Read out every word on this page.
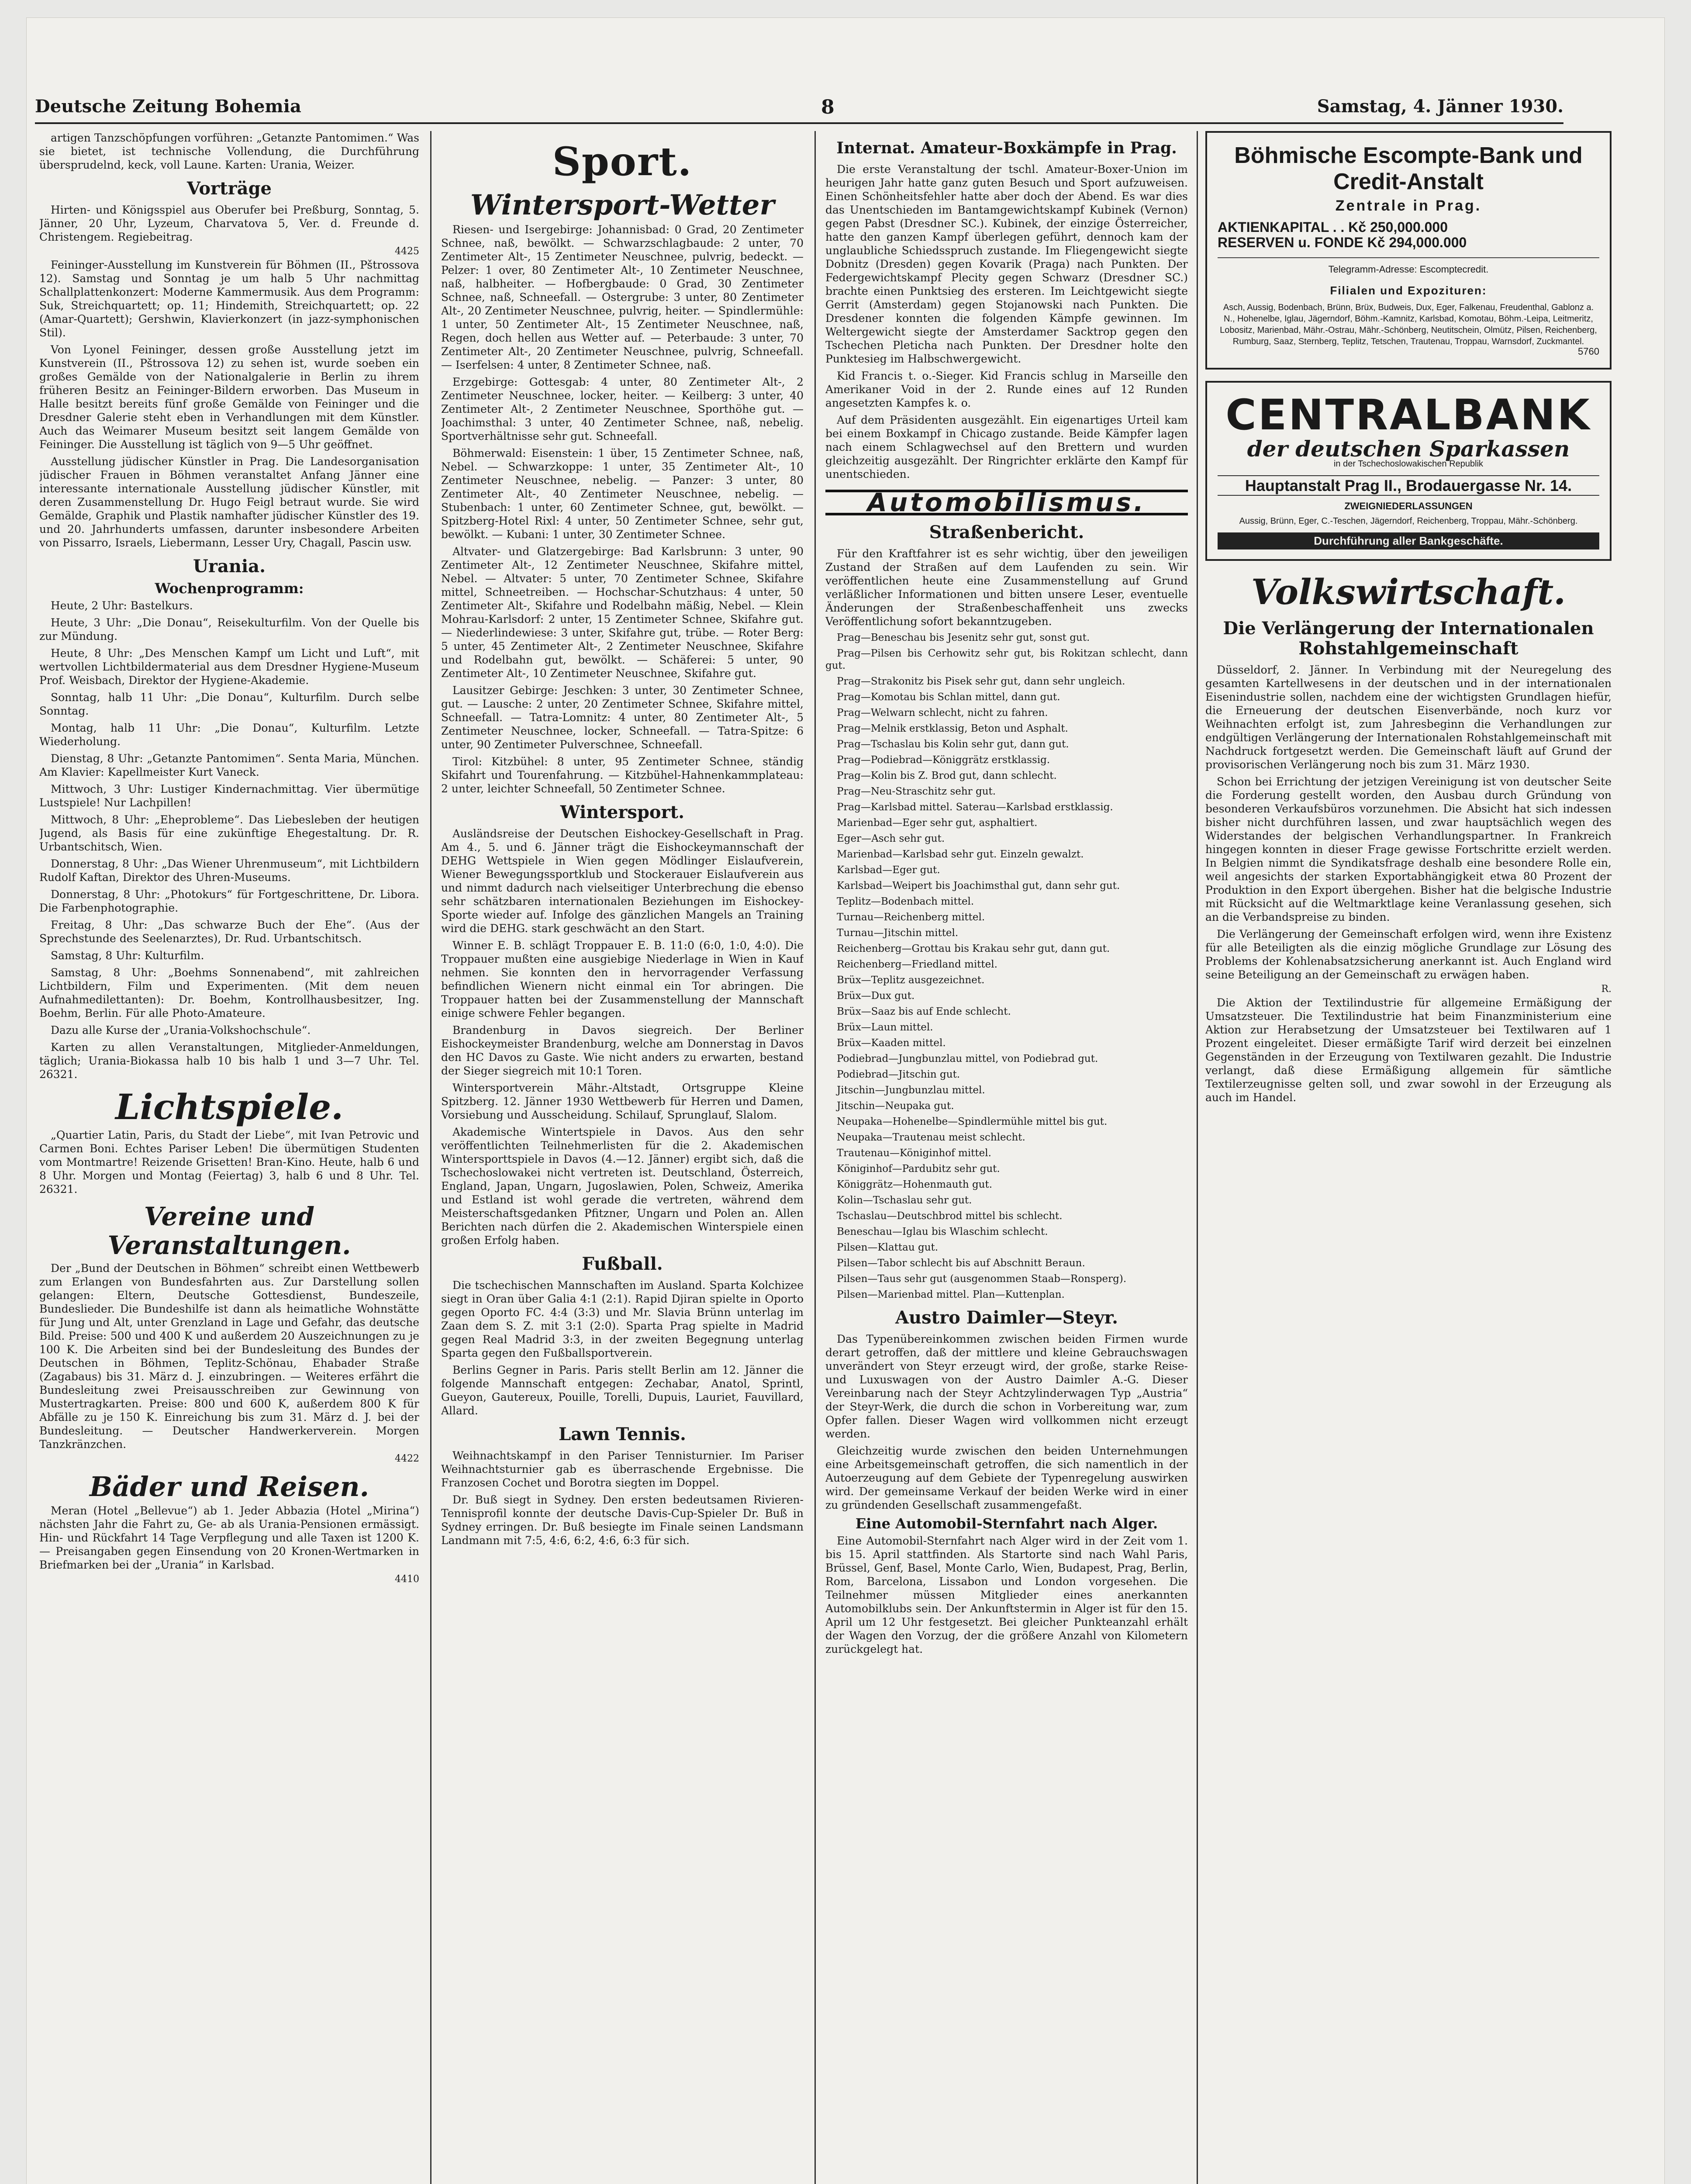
Deutsche Zeitung Bohemia	8	Samstag, 4. Jänner 1930.

artigen Tanzschöpfungen vorführen: „Getanzte Pantomimen.“ Was sie bietet, ist technische Vollendung, die Durchführung übersprudelnd, keck, voll Laune. Karten: Urania, Weizer.

Vorträge

Hirten- und Königsspiel aus Oberufer bei Preßburg, Sonntag, 5. Jänner, 20 Uhr, Lyzeum, Charvatova 5, Ver. d. Freunde d. Christengem. Regiebeitrag.

4425

Feininger-Ausstellung im Kunstverein für Böhmen (II., Pštrossova 12). Samstag und Sonntag je um halb 5 Uhr nachmittag Schallplattenkonzert: Moderne Kammermusik. Aus dem Programm: Suk, Streichquartett; op. 11; Hindemith, Streichquartett; op. 22 (Amar-Quartett); Gershwin, Klavierkonzert (in jazz-symphonischen Stil).

Von Lyonel Feininger, dessen große Ausstellung jetzt im Kunstverein (II., Pštrossova 12) zu sehen ist, wurde soeben ein großes Gemälde von der Nationalgalerie in Berlin zu ihrem früheren Besitz an Feininger-Bildern erworben. Das Museum in Halle besitzt bereits fünf große Gemälde von Feininger und die Dresdner Galerie steht eben in Verhandlungen mit dem Künstler. Auch das Weimarer Museum besitzt seit langem Gemälde von Feininger. Die Ausstellung ist täglich von 9—5 Uhr geöffnet.

Ausstellung jüdischer Künstler in Prag. Die Landesorganisation jüdischer Frauen in Böhmen veranstaltet Anfang Jänner eine interessante internationale Ausstellung jüdischer Künstler, mit deren Zusammenstellung Dr. Hugo Feigl betraut wurde. Sie wird Gemälde, Graphik und Plastik namhafter jüdischer Künstler des 19. und 20. Jahrhunderts umfassen, darunter insbesondere Arbeiten von Pissarro, Israels, Liebermann, Lesser Ury, Chagall, Pascin usw.

Urania.
Wochenprogramm:

Heute, 2 Uhr: Bastelkurs.

Heute, 3 Uhr: „Die Donau“, Reisekulturfilm. Von der Quelle bis zur Mündung.

Heute, 8 Uhr: „Des Menschen Kampf um Licht und Luft“, mit wertvollen Lichtbildermaterial aus dem Dresdner Hygiene-Museum Prof. Weisbach, Direktor der Hygiene-Akademie.

Sonntag, halb 11 Uhr: „Die Donau“, Kulturfilm. Durch selbe Sonntag.

Montag, halb 11 Uhr: „Die Donau“, Kulturfilm. Letzte Wiederholung.

Dienstag, 8 Uhr: „Getanzte Pantomimen“. Senta Maria, München. Am Klavier: Kapellmeister Kurt Vaneck.

Mittwoch, 3 Uhr: Lustiger Kindernachmittag. Vier übermütige Lustspiele! Nur Lachpillen!

Mittwoch, 8 Uhr: „Eheprobleme“. Das Liebesleben der heutigen Jugend, als Basis für eine zukünftige Ehegestaltung. Dr. R. Urbantschitsch, Wien.

Donnerstag, 8 Uhr: „Das Wiener Uhrenmuseum“, mit Lichtbildern Rudolf Kaftan, Direktor des Uhren-Museums.

Donnerstag, 8 Uhr: „Photokurs“ für Fortgeschrittene, Dr. Libora. Die Farbenphotographie.

Freitag, 8 Uhr: „Das schwarze Buch der Ehe“. (Aus der Sprechstunde des Seelenarztes), Dr. Rud. Urbantschitsch.

Samstag, 8 Uhr: Kulturfilm.

Samstag, 8 Uhr: „Boehms Sonnenabend“, mit zahlreichen Lichtbildern, Film und Experimenten. (Mit dem neuen Aufnahmedilettanten): Dr. Boehm, Kontrollhausbesitzer, Ing. Boehm, Berlin. Für alle Photo-Amateure.

Dazu alle Kurse der „Urania-Volkshochschule“.

Karten zu allen Veranstaltungen, Mitglieder-Anmeldungen, täglich; Urania-Biokassa halb 10 bis halb 1 und 3—7 Uhr. Tel. 26321.

Lichtspiele.

„Quartier Latin, Paris, du Stadt der Liebe“, mit Ivan Petrovic und Carmen Boni. Echtes Pariser Leben! Die übermütigen Studenten vom Montmartre! Reizende Grisetten! Bran-Kino. Heute, halb 6 und 8 Uhr. Morgen und Montag (Feiertag) 3, halb 6 und 8 Uhr. Tel. 26321.

Vereine und Veranstaltungen.

Der „Bund der Deutschen in Böhmen“ schreibt einen Wettbewerb zum Erlangen von Bundesfahrten aus. Zur Darstellung sollen gelangen: Eltern, Deutsche Gottesdienst, Bundeszeile, Bundeslieder. Die Bundeshilfe ist dann als heimatliche Wohnstätte für Jung und Alt, unter Grenzland in Lage und Gefahr, das deutsche Bild. Preise: 500 und 400 K und außerdem 20 Auszeichnungen zu je 100 K. Die Arbeiten sind bei der Bundesleitung des Bundes der Deutschen in Böhmen, Teplitz-Schönau, Ehabader Straße (Zagabaus) bis 31. März d. J. einzubringen. — Weiteres erfährt die Bundesleitung zwei Preisausschreiben zur Gewinnung von Mustertragkarten. Preise: 800 und 600 K, außerdem 800 K für Abfälle zu je 150 K. Einreichung bis zum 31. März d. J. bei der Bundesleitung. — Deutscher Handwerkerverein. Morgen Tanzkränzchen.

4422
Bäder und Reisen.

Meran (Hotel „Bellevue“) ab 1. Jeder Abbazia (Hotel „Mirina“) nächsten Jahr die Fahrt zu, Ge- ab als Urania-Pensionen ermässigt. Hin- und Rückfahrt 14 Tage Verpflegung und alle Taxen ist 1200 K. — Preisangaben gegen Einsendung von 20 Kronen-Wertmarken in Briefmarken bei der „Urania“ in Karlsbad.

4410
Sport.
Wintersport-Wetter

Riesen- und Isergebirge: Johannisbad: 0 Grad, 20 Zentimeter Schnee, naß, bewölkt. — Schwarzschlagbaude: 2 unter, 70 Zentimeter Alt-, 15 Zentimeter Neuschnee, pulvrig, bedeckt. — Pelzer: 1 over, 80 Zentimeter Alt-, 10 Zentimeter Neuschnee, naß, halbheiter. — Hofbergbaude: 0 Grad, 30 Zentimeter Schnee, naß, Schneefall. — Ostergrube: 3 unter, 80 Zentimeter Alt-, 20 Zentimeter Neuschnee, pulvrig, heiter. — Spindlermühle: 1 unter, 50 Zentimeter Alt-, 15 Zentimeter Neuschnee, naß, Regen, doch hellen aus Wetter auf. — Peterbaude: 3 unter, 70 Zentimeter Alt-, 20 Zentimeter Neuschnee, pulvrig, Schneefall. — Iserfelsen: 4 unter, 8 Zentimeter Schnee, naß.

Erzgebirge: Gottesgab: 4 unter, 80 Zentimeter Alt-, 2 Zentimeter Neuschnee, locker, heiter. — Keilberg: 3 unter, 40 Zentimeter Alt-, 2 Zentimeter Neuschnee, Sporthöhe gut. — Joachimsthal: 3 unter, 40 Zentimeter Schnee, naß, nebelig. Sportverhältnisse sehr gut. Schneefall.

Böhmerwald: Eisenstein: 1 über, 15 Zentimeter Schnee, naß, Nebel. — Schwarzkoppe: 1 unter, 35 Zentimeter Alt-, 10 Zentimeter Neuschnee, nebelig. — Panzer: 3 unter, 80 Zentimeter Alt-, 40 Zentimeter Neuschnee, nebelig. — Stubenbach: 1 unter, 60 Zentimeter Schnee, gut, bewölkt. — Spitzberg-Hotel Rixl: 4 unter, 50 Zentimeter Schnee, sehr gut, bewölkt. — Kubani: 1 unter, 30 Zentimeter Schnee.

Altvater- und Glatzergebirge: Bad Karlsbrunn: 3 unter, 90 Zentimeter Alt-, 12 Zentimeter Neuschnee, Skifahre mittel, Nebel. — Altvater: 5 unter, 70 Zentimeter Schnee, Skifahre mittel, Schneetreiben. — Hochschar-Schutzhaus: 4 unter, 50 Zentimeter Alt-, Skifahre und Rodelbahn mäßig, Nebel. — Klein Mohrau-Karlsdorf: 2 unter, 15 Zentimeter Schnee, Skifahre gut. — Niederlindewiese: 3 unter, Skifahre gut, trübe. — Roter Berg: 5 unter, 45 Zentimeter Alt-, 2 Zentimeter Neuschnee, Skifahre und Rodelbahn gut, bewölkt. — Schäferei: 5 unter, 90 Zentimeter Alt-, 10 Zentimeter Neuschnee, Skifahre gut.

Lausitzer Gebirge: Jeschken: 3 unter, 30 Zentimeter Schnee, gut. — Lausche: 2 unter, 20 Zentimeter Schnee, Skifahre mittel, Schneefall. — Tatra-Lomnitz: 4 unter, 80 Zentimeter Alt-, 5 Zentimeter Neuschnee, locker, Schneefall. — Tatra-Spitze: 6 unter, 90 Zentimeter Pulverschnee, Schneefall.

Tirol: Kitzbühel: 8 unter, 95 Zentimeter Schnee, ständig Skifahrt und Tourenfahrung. — Kitzbühel-Hahnenkammplateau: 2 unter, leichter Schneefall, 50 Zentimeter Schnee.

Wintersport.

Ausländsreise der Deutschen Eishockey-Gesellschaft in Prag. Am 4., 5. und 6. Jänner trägt die Eishockeymannschaft der DEHG Wettspiele in Wien gegen Mödlinger Eislaufverein, Wiener Bewegungssportklub und Stockerauer Eislaufverein aus und nimmt dadurch nach vielseitiger Unterbrechung die ebenso sehr schätzbaren internationalen Beziehungen im Eishockey-Sporte wieder auf. Infolge des gänzlichen Mangels an Training wird die DEHG. stark geschwächt an den Start.

Winner E. B. schlägt Troppauer E. B. 11:0 (6:0, 1:0, 4:0). Die Troppauer mußten eine ausgiebige Niederlage in Wien in Kauf nehmen. Sie konnten den in hervorragender Verfassung befindlichen Wienern nicht einmal ein Tor abringen. Die Troppauer hatten bei der Zusammenstellung der Mannschaft einige schwere Fehler begangen.

Brandenburg in Davos siegreich. Der Berliner Eishockeymeister Brandenburg, welche am Donnerstag in Davos den HC Davos zu Gaste. Wie nicht anders zu erwarten, bestand der Sieger siegreich mit 10:1 Toren.

Wintersportverein Mähr.-Altstadt, Ortsgruppe Kleine Spitzberg. 12. Jänner 1930 Wettbewerb für Herren und Damen, Vorsiebung und Ausscheidung. Schilauf, Sprunglauf, Slalom.

Akademische Wintertspiele in Davos. Aus den sehr veröffentlichten Teilnehmerlisten für die 2. Akademischen Wintersporttspiele in Davos (4.—12. Jänner) ergibt sich, daß die Tschechoslowakei nicht vertreten ist. Deutschland, Österreich, England, Japan, Ungarn, Jugoslawien, Polen, Schweiz, Amerika und Estland ist wohl gerade die vertreten, während dem Meisterschaftsgedanken Pfitzner, Ungarn und Polen an. Allen Berichten nach dürfen die 2. Akademischen Winterspiele einen großen Erfolg haben.

Fußball.

Die tschechischen Mannschaften im Ausland. Sparta Kolchizee siegt in Oran über Galia 4:1 (2:1). Rapid Djiran spielte in Oporto gegen Oporto FC. 4:4 (3:3) und Mr. Slavia Brünn unterlag im Zaan dem S. Z. mit 3:1 (2:0). Sparta Prag spielte in Madrid gegen Real Madrid 3:3, in der zweiten Begegnung unterlag Sparta gegen den Fußballsportverein.

Berlins Gegner in Paris. Paris stellt Berlin am 12. Jänner die folgende Mannschaft entgegen: Zechabar, Anatol, Sprintl, Gueyon, Gautereux, Pouille, Torelli, Dupuis, Lauriet, Fauvillard, Allard.

Lawn Tennis.

Weihnachtskampf in den Pariser Tennisturnier. Im Pariser Weihnachtsturnier gab es überraschende Ergebnisse. Die Franzosen Cochet und Borotra siegten im Doppel.

Dr. Buß siegt in Sydney. Den ersten bedeutsamen Rivieren-Tennisprofil konnte der deutsche Davis-Cup-Spieler Dr. Buß in Sydney erringen. Dr. Buß besiegte im Finale seinen Landsmann Landmann mit 7:5, 4:6, 6:2, 4:6, 6:3 für sich.

Internat. Amateur-Boxkämpfe in Prag.

Die erste Veranstaltung der tschl. Amateur-Boxer-Union im heurigen Jahr hatte ganz guten Besuch und Sport aufzuweisen. Einen Schönheitsfehler hatte aber doch der Abend. Es war dies das Unentschieden im Bantamgewichtskampf Kubinek (Vernon) gegen Pabst (Dresdner SC.). Kubinek, der einzige Österreicher, hatte den ganzen Kampf überlegen geführt, dennoch kam der unglaubliche Schiedsspruch zustande. Im Fliegengewicht siegte Dobnitz (Dresden) gegen Kovarik (Praga) nach Punkten. Der Federgewichtskampf Plecity gegen Schwarz (Dresdner SC.) brachte einen Punktsieg des ersteren. Im Leichtgewicht siegte Gerrit (Amsterdam) gegen Stojanowski nach Punkten. Die Dresdener konnten die folgenden Kämpfe gewinnen. Im Weltergewicht siegte der Amsterdamer Sacktrop gegen den Tschechen Pleticha nach Punkten. Der Dresdner holte den Punktesieg im Halbschwergewicht.

Kid Francis t. o.-Sieger. Kid Francis schlug in Marseille den Amerikaner Void in der 2. Runde eines auf 12 Runden angesetzten Kampfes k. o.

Auf dem Präsidenten ausgezählt. Ein eigenartiges Urteil kam bei einem Boxkampf in Chicago zustande. Beide Kämpfer lagen nach einem Schlagwechsel auf den Brettern und wurden gleichzeitig ausgezählt. Der Ringrichter erklärte den Kampf für unentschieden.

Automobilismus.
Straßenbericht.

Für den Kraftfahrer ist es sehr wichtig, über den jeweiligen Zustand der Straßen auf dem Laufenden zu sein. Wir veröffentlichen heute eine Zusammenstellung auf Grund verläßlicher Informationen und bitten unsere Leser, eventuelle Änderungen der Straßenbeschaffenheit uns zwecks Veröffentlichung sofort bekanntzugeben.

Prag—Beneschau bis Jesenitz sehr gut, sonst gut.

Prag—Pilsen bis Cerhowitz sehr gut, bis Rokitzan schlecht, dann gut.

Prag—Strakonitz bis Pisek sehr gut, dann sehr ungleich.

Prag—Komotau bis Schlan mittel, dann gut.

Prag—Welwarn schlecht, nicht zu fahren.

Prag—Melnik erstklassig, Beton und Asphalt.

Prag—Tschaslau bis Kolin sehr gut, dann gut.

Prag—Podiebrad—Königgrätz erstklassig.

Prag—Kolin bis Z. Brod gut, dann schlecht.

Prag—Neu-Straschitz sehr gut.

Prag—Karlsbad mittel. Saterau—Karlsbad erstklassig.

Marienbad—Eger sehr gut, asphaltiert.

Eger—Asch sehr gut.

Marienbad—Karlsbad sehr gut. Einzeln gewalzt.

Karlsbad—Eger gut.

Karlsbad—Weipert bis Joachimsthal gut, dann sehr gut.

Teplitz—Bodenbach mittel.

Turnau—Reichenberg mittel.

Turnau—Jitschin mittel.

Reichenberg—Grottau bis Krakau sehr gut, dann gut.

Reichenberg—Friedland mittel.

Brüx—Teplitz ausgezeichnet.

Brüx—Dux gut.

Brüx—Saaz bis auf Ende schlecht.

Brüx—Laun mittel.

Brüx—Kaaden mittel.

Podiebrad—Jungbunzlau mittel, von Podiebrad gut.

Podiebrad—Jitschin gut.

Jitschin—Jungbunzlau mittel.

Jitschin—Neupaka gut.

Neupaka—Hohenelbe—Spindlermühle mittel bis gut.

Neupaka—Trautenau meist schlecht.

Trautenau—Königinhof mittel.

Königinhof—Pardubitz sehr gut.

Königgrätz—Hohenmauth gut.

Kolin—Tschaslau sehr gut.

Tschaslau—Deutschbrod mittel bis schlecht.

Beneschau—Iglau bis Wlaschim schlecht.

Pilsen—Klattau gut.

Pilsen—Tabor schlecht bis auf Abschnitt Beraun.

Pilsen—Taus sehr gut (ausgenommen Staab—Ronsperg).

Pilsen—Marienbad mittel. Plan—Kuttenplan.

Austro Daimler—Steyr.

Das Typenübereinkommen zwischen beiden Firmen wurde derart getroffen, daß der mittlere und kleine Gebrauchswagen unverändert von Steyr erzeugt wird, der große, starke Reise- und Luxuswagen von der Austro Daimler A.-G. Dieser Vereinbarung nach der Steyr Achtzylinderwagen Typ „Austria“ der Steyr-Werk, die durch die schon in Vorbereitung war, zum Opfer fallen. Dieser Wagen wird vollkommen nicht erzeugt werden.

Gleichzeitig wurde zwischen den beiden Unternehmungen eine Arbeitsgemeinschaft getroffen, die sich namentlich in der Autoerzeugung auf dem Gebiete der Typenregelung auswirken wird. Der gemeinsame Verkauf der beiden Werke wird in einer zu gründenden Gesellschaft zusammengefaßt.

Eine Automobil-Sternfahrt nach Alger.

Eine Automobil-Sternfahrt nach Alger wird in der Zeit vom 1. bis 15. April stattfinden. Als Startorte sind nach Wahl Paris, Brüssel, Genf, Basel, Monte Carlo, Wien, Budapest, Prag, Berlin, Rom, Barcelona, Lissabon und London vorgesehen. Die Teilnehmer müssen Mitglieder eines anerkannten Automobilklubs sein. Der Ankunftstermin in Alger ist für den 15. April um 12 Uhr festgesetzt. Bei gleicher Punkteanzahl erhält der Wagen den Vorzug, der die größere Anzahl von Kilometern zurückgelegt hat.

Böhmische Escompte-Bank und Credit-Anstalt
Zentrale in Prag.
AKTIENKAPITAL . . Kč 250,000.000
RESERVEN u. FONDE Kč 294,000.000
Telegramm-Adresse: Escomptecredit.
Filialen und Expozituren:
Asch, Aussig, Bodenbach, Brünn, Brüx, Budweis, Dux, Eger, Falkenau, Freudenthal, Gablonz a. N., Hohenelbe, Iglau, Jägerndorf, Böhm.-Kamnitz, Karlsbad, Komotau, Böhm.-Leipa, Leitmeritz, Lobositz, Marienbad, Mähr.-Ostrau, Mähr.-Schönberg, Neutitschein, Olmütz, Pilsen, Reichenberg, Rumburg, Saaz, Sternberg, Teplitz, Tetschen, Trautenau, Troppau, Warnsdorf, Zuckmantel.
5760
CENTRALBANK
der deutschen Sparkassen
in der Tschechoslowakischen Republik
Hauptanstalt Prag II., Brodauergasse Nr. 14.
ZWEIGNIEDERLASSUNGEN
Aussig, Brünn, Eger, C.-Teschen, Jägerndorf, Reichenberg, Troppau, Mähr.-Schönberg.
Durchführung aller Bankgeschäfte.
Volkswirtschaft.
Die Verlängerung der Internationalen Rohstahlgemeinschaft

Düsseldorf, 2. Jänner. In Verbindung mit der Neuregelung des gesamten Kartellwesens in der deutschen und in der internationalen Eisenindustrie sollen, nachdem eine der wichtigsten Grundlagen hiefür, die Erneuerung der deutschen Eisenverbände, noch kurz vor Weihnachten erfolgt ist, zum Jahresbeginn die Verhandlungen zur endgültigen Verlängerung der Internationalen Rohstahlgemeinschaft mit Nachdruck fortgesetzt werden. Die Gemeinschaft läuft auf Grund der provisorischen Verlängerung noch bis zum 31. März 1930.

Schon bei Errichtung der jetzigen Vereinigung ist von deutscher Seite die Forderung gestellt worden, den Ausbau durch Gründung von besonderen Verkaufsbüros vorzunehmen. Die Absicht hat sich indessen bisher nicht durchführen lassen, und zwar hauptsächlich wegen des Widerstandes der belgischen Verhandlungspartner. In Frankreich hingegen konnten in dieser Frage gewisse Fortschritte erzielt werden. In Belgien nimmt die Syndikatsfrage deshalb eine besondere Rolle ein, weil angesichts der starken Exportabhängigkeit etwa 80 Prozent der Produktion in den Export übergehen. Bisher hat die belgische Industrie mit Rücksicht auf die Weltmarktlage keine Veranlassung gesehen, sich an die Verbandspreise zu binden.

Die Verlängerung der Gemeinschaft erfolgen wird, wenn ihre Existenz für alle Beteiligten als die einzig mögliche Grundlage zur Lösung des Problems der Kohlenabsatzsicherung anerkannt ist. Auch England wird seine Beteiligung an der Gemeinschaft zu erwägen haben.

R.

Die Aktion der Textilindustrie für allgemeine Ermäßigung der Umsatzsteuer. Die Textilindustrie hat beim Finanzministerium eine Aktion zur Herabsetzung der Umsatzsteuer bei Textilwaren auf 1 Prozent eingeleitet. Dieser ermäßigte Tarif wird derzeit bei einzelnen Gegenständen in der Erzeugung von Textilwaren gezahlt. Die Industrie verlangt, daß diese Ermäßigung allgemein für sämtliche Textilerzeugnisse gelten soll, und zwar sowohl in der Erzeugung als auch im Handel.
